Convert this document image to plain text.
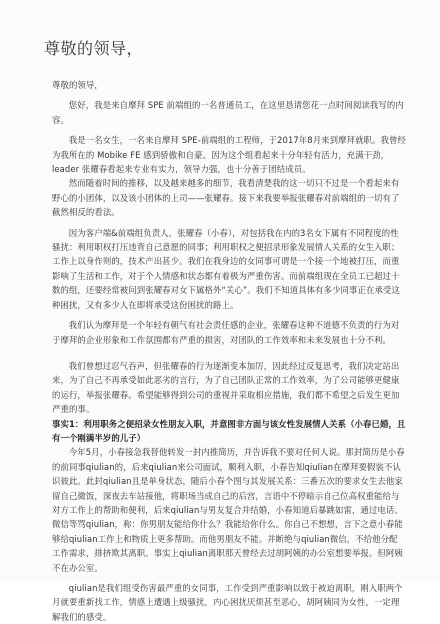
尊敬的领导，

尊敬的领导，

您好，我是来自摩拜 SPE 前端组的一名普通员工，在这里恳请您花一点时间阅读我写的内容。

我是一名女生，一名来自摩拜 SPE-前端组的工程师，于2017年8月来到摩拜就职。我曾经为我所在的 Mobike FE 感到骄傲和自豪。因为这个组看起来十分年轻有活力，充满干劲，leader 张耀春看起来专业有实力，领导力强，也十分善于团结成员。

然而随着时间的推移，以及越来越多的细节，我看清楚我的这一切只不过是一个看起来有野心的小团体，以及该小团体的上司——张耀春。接下来我要举报张耀春对前端组的一切有了截然相反的看法。

因为客户端&前端组负责人，张耀春（小春），对包括我在内的3名女下属有不同程度的性骚扰：利用职权打压违背自己意愿的同事；利用职权之便招录形象发展情人关系的女生入职；工作上以身作则的，技术产出甚少。我们在我身边的女同事可谓是一个接一个地被打压，而重影响了生活和工作，对于个人情感和状态都有着极为严重伤害。而前端组现在全员工已超过十数的组，还要经常被问到张耀春对女下属格外“关心”。我们不知道具体有多少同事正在承受这种困扰，又有多少人在即将承受这份困扰的路上。

我们认为摩拜是一个年轻有朝气有社会责任感的企业，张耀春这种不道德不负责的行为对于摩拜的企业形象和工作氛围都有严重的损害，对团队的工作效率和未来发展也十分不利。

我们曾想过忍气吞声，但张耀春的行为逐渐变本加厉，因此经过反复思考，我们决定站出来，为了自己不再承受如此恶劣的言行，为了自己团队正常的工作效率，为了公司能够更健康的运行，举报张耀春。希望能够得到公司的重视并采取相应措施，我们都不希望之后发生更加严重的事。

事实1：利用职务之便招录女性朋友入职，并意图非方面与该女性发展情人关系（小春已婚，且有一个刚满半岁的儿子）

今年5月，小春接急我替他转发一封内推简历，并告诉我不要对任何人说。那封简历是小春的前同事qiulian的，后来qiulian来公司面试，顺利入职，小春告知qiulian在摩拜要假装不认识彼此。此封qiulian且是单身状态，随后小春个图与其发展关系：三番五次的要求女生去他家留自己微饭，深夜去车站接他，将职场当成自己的后宫，言语中不停暗示自己位高权重能给与对方工作上的帮助和便利，后来qiulian与男友复合并结婚，小春知道后暴跳如雷，通过电话、微信等骂qiulian，称：你男朋友能给你什么？我能给你什么。你自己不想想，言下之意小春能够给qiulian工作上和物质上更多帮助。而他男朋友不能。并断绝与qiulian微信，不给他分配工作需求，排挤欺其离职。事实上qiulian离职那天曾经去过胡阿姨的办公室想要举报。但阿姨不在办公室。

qiulian是我们组受伤害最严重的女同事，工作受到严重影响以致于被迫离职，刚入职两个月就要重新找工作，情感上遭遇上级骚扰，内心困扰厌烦甚至恶心，胡阿姨同为女性，一定理解我们的感受。
